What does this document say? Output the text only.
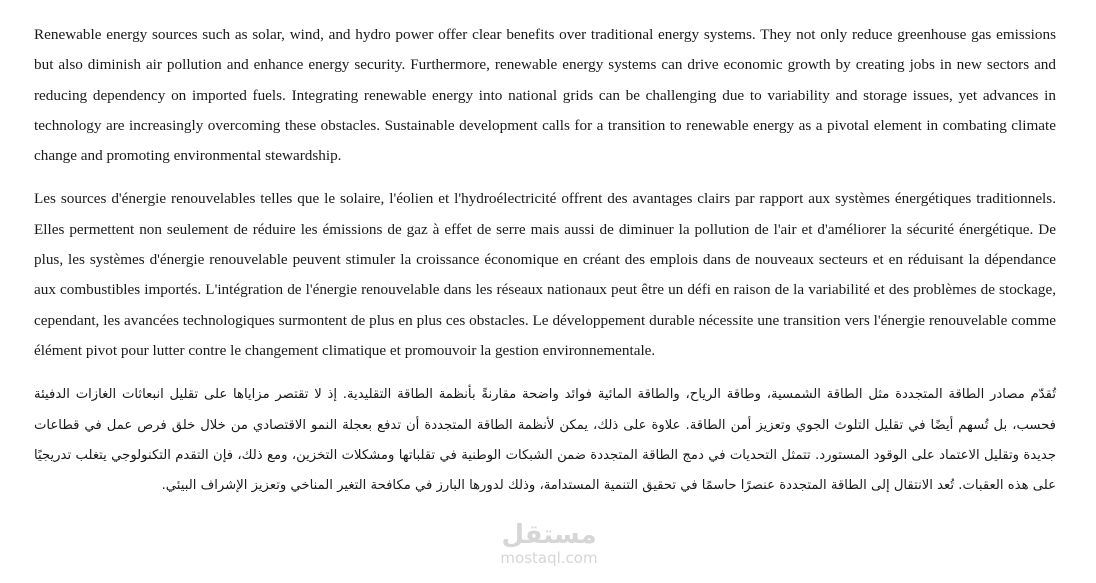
Renewable energy sources such as solar, wind, and hydro power offer clear benefits over traditional energy systems. They not only reduce greenhouse gas emissions but also diminish air pollution and enhance energy security. Furthermore, renewable energy systems can drive economic growth by creating jobs in new sectors and reducing dependency on imported fuels. Integrating renewable energy into national grids can be challenging due to variability and storage issues, yet advances in technology are increasingly overcoming these obstacles. Sustainable development calls for a transition to renewable energy as a pivotal element in combating climate change and promoting environmental stewardship.

Les sources d'énergie renouvelables telles que le solaire, l'éolien et l'hydroélectricité offrent des avantages clairs par rapport aux systèmes énergétiques traditionnels. Elles permettent non seulement de réduire les émissions de gaz à effet de serre mais aussi de diminuer la pollution de l'air et d'améliorer la sécurité énergétique. De plus, les systèmes d'énergie renouvelable peuvent stimuler la croissance économique en créant des emplois dans de nouveaux secteurs et en réduisant la dépendance aux combustibles importés. L'intégration de l'énergie renouvelable dans les réseaux nationaux peut être un défi en raison de la variabilité et des problèmes de stockage, cependant, les avancées technologiques surmontent de plus en plus ces obstacles. Le développement durable nécessite une transition vers l'énergie renouvelable comme élément pivot pour lutter contre le changement climatique et promouvoir la gestion environnementale.

تُقدّم مصادر الطاقة المتجددة مثل الطاقة الشمسية، وطاقة الرياح، والطاقة المائية فوائد واضحة مقارنةً بأنظمة الطاقة التقليدية. إذ لا تقتصر مزاياها على تقليل انبعاثات الغازات الدفيئة فحسب، بل تُسهم أيضًا في تقليل التلوث الجوي وتعزيز أمن الطاقة. علاوة على ذلك، يمكن لأنظمة الطاقة المتجددة أن تدفع بعجلة النمو الاقتصادي من خلال خلق فرص عمل في قطاعات جديدة وتقليل الاعتماد على الوقود المستورد. تتمثل التحديات في دمج الطاقة المتجددة ضمن الشبكات الوطنية في تقلباتها ومشكلات التخزين، ومع ذلك، فإن التقدم التكنولوجي يتغلب تدريجيًا على هذه العقبات. تُعد الانتقال إلى الطاقة المتجددة عنصرًا حاسمًا في تحقيق التنمية المستدامة، وذلك لدورها البارز في مكافحة التغير المناخي وتعزيز الإشراف البيئي.

مستقل
mostaql.com
